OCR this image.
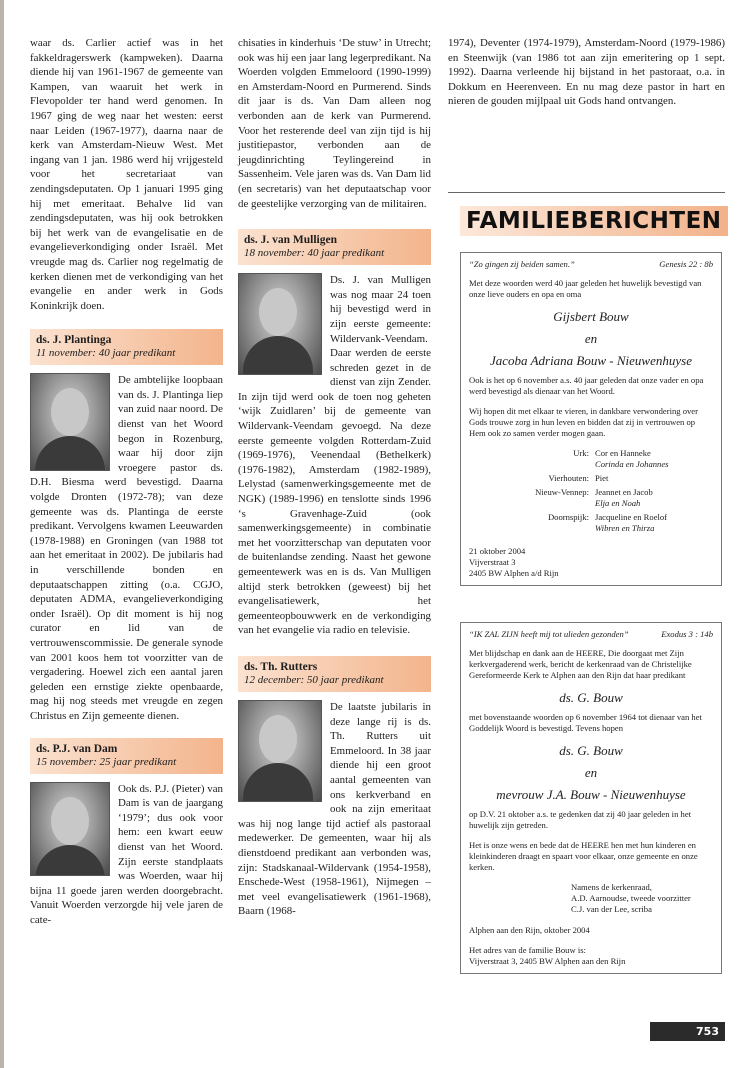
waar ds. Carlier actief was in het fakkeldragerswerk (kampweken). Daarna diende hij van 1961-1967 de gemeente van Kampen, van waaruit het werk in Flevopolder ter hand werd genomen. In 1967 ging de weg naar het westen: eerst naar Leiden (1967-1977), daarna naar de kerk van Amsterdam-Nieuw West. Met ingang van 1 jan. 1986 werd hij vrijgesteld voor het secretariaat van zendingsdeputaten. Op 1 januari 1995 ging hij met emeritaat. Behalve lid van zendingsdeputaten, was hij ook betrokken bij het werk van de evangelisatie en de evangelieverkondiging onder Israël. Met vreugde mag ds. Carlier nog regelmatig de kerken dienen met de verkondiging van het evangelie en ander werk in Gods Koninkrijk doen.

ds. J. Plantinga
11 november: 40 jaar predikant

De ambtelijke loopbaan van ds. J. Plantinga liep van zuid naar noord. De dienst van het Woord begon in Rozenburg, waar hij door zijn vroegere pastor ds. D.H. Biesma werd bevestigd. Daarna volgde Dronten (1972-78); van deze gemeente was ds. Plantinga de eerste predikant. Vervolgens kwamen Leeuwarden (1978-1988) en Groningen (van 1988 tot aan het emeritaat in 2002). De jubilaris had in verschillende bonden en deputaatschappen zitting (o.a. CGJO, deputaten ADMA, evangelieverkondiging onder Israël). Op dit moment is hij nog curator en lid van de vertrouwenscommissie. De generale synode van 2001 koos hem tot voorzitter van de vergadering. Hoewel zich een aantal jaren geleden een ernstige ziekte openbaarde, mag hij nog steeds met vreugde en zegen Christus en Zijn gemeente dienen.

ds. P.J. van Dam
15 november: 25 jaar predikant

Ook ds. P.J. (Pieter) van Dam is van de jaargang ‘1979’; dus ook voor hem: een kwart eeuw dienst van het Woord. Zijn eerste standplaats was Woerden, waar hij bijna 11 goede jaren werden doorgebracht. Vanuit Woerden verzorgde hij vele jaren de cate-

chisaties in kinderhuis ‘De stuw’ in Utrecht; ook was hij een jaar lang legerpredikant. Na Woerden volgden Emmeloord (1990-1999) en Amsterdam-Noord en Purmerend. Sinds dit jaar is ds. Van Dam alleen nog verbonden aan de kerk van Purmerend. Voor het resterende deel van zijn tijd is hij justitiepastor, verbonden aan de jeugdinrichting Teylingereind in Sassenheim. Vele jaren was ds. Van Dam lid (en secretaris) van het deputaatschap voor de geestelijke verzorging van de militairen.

ds. J. van Mulligen
18 november: 40 jaar predikant

Ds. J. van Mulligen was nog maar 24 toen hij bevestigd werd in zijn eerste gemeente: Wildervank-Veendam. Daar werden de eerste schreden gezet in de dienst van zijn Zender. In zijn tijd werd ook de toen nog geheten ‘wijk Zuidlaren’ bij de gemeente van Wildervank-Veendam gevoegd. Na deze eerste gemeente volgden Rotterdam-Zuid (1969-1976), Veenendaal (Bethelkerk) (1976-1982), Amsterdam (1982-1989), Lelystad (samenwerkingsgemeente met de NGK) (1989-1996) en tenslotte sinds 1996 ‘s Gravenhage-Zuid (ook samenwerkingsgemeente) in combinatie met het voorzitterschap van deputaten voor de buitenlandse zending. Naast het gewone gemeentewerk was en is ds. Van Mulligen altijd sterk betrokken (geweest) bij het evangelisatiewerk, het gemeenteopbouwwerk en de verkondiging van het evangelie via radio en televisie.

ds. Th. Rutters
12 december: 50 jaar predikant

De laatste jubilaris in deze lange rij is ds. Th. Rutters uit Emmeloord. In 38 jaar diende hij een groot aantal gemeenten van ons kerkverband en ook na zijn emeritaat was hij nog lange tijd actief als pastoraal medewerker. De gemeenten, waar hij als dienstdoend predikant aan verbonden was, zijn: Stadskanaal-Wildervank (1954-1958), Enschede-West (1958-1961), Nijmegen – met veel evangelisatiewerk (1961-1968), Baarn (1968-

1974), Deventer (1974-1979), Amsterdam-Noord (1979-1986) en Steenwijk (van 1986 tot aan zijn emeritering op 1 sept. 1992). Daarna verleende hij bijstand in het pastoraat, o.a. in Dokkum en Heerenveen. En nu mag deze pastor in hart en nieren de gouden mijlpaal uit Gods hand ontvangen.

FAMILIEBERICHTEN
“Zo gingen zij beiden samen.”	Genesis 22 : 8b

Met deze woorden werd 40 jaar geleden het huwelijk bevestigd van onze lieve ouders en opa en oma

Gijsbert Bouw
en
Jacoba Adriana Bouw - Nieuwenhuyse

Ook is het op 6 november a.s. 40 jaar geleden dat onze vader en opa werd bevestigd als dienaar van het Woord.

Wij hopen dit met elkaar te vieren, in dankbare verwondering over Gods trouwe zorg in hun leven en bidden dat zij in vertrouwen op Hem ook zo samen verder mogen gaan.

Urk: Cor en Hanneke
Corinda en Johannes
Vierhouten: Piet
Nieuw-Vennep: Jeannet en Jacob
Elja en Noah
Doornspijk: Jacqueline en Roelof
Wibren en Thirza
21 oktober 2004
Vijverstraat 3
2405 BW Alphen a/d Rijn
“IK ZAL ZIJN heeft mij tot ulieden gezonden”	Exodus 3 : 14b

Met blijdschap en dank aan de HEERE, Die doorgaat met Zijn kerkvergaderend werk, bericht de kerkenraad van de Christelijke Gereformeerde Kerk te Alphen aan den Rijn dat haar predikant

ds. G. Bouw

met bovenstaande woorden op 6 november 1964 tot dienaar van het Goddelijk Woord is bevestigd. Tevens hopen

ds. G. Bouw
en
mevrouw J.A. Bouw - Nieuwenhuyse

op D.V. 21 oktober a.s. te gedenken dat zij 40 jaar geleden in het huwelijk zijn getreden.

Het is onze wens en bede dat de HEERE hen met hun kinderen en kleinkinderen draagt en spaart voor elkaar, onze gemeente en onze kerken.

Namens de kerkenraad,
A.D. Aarnoudse, tweede voorzitter
C.J. van der Lee, scriba

Alphen aan den Rijn, oktober 2004

Het adres van de familie Bouw is:
Vijverstraat 3, 2405 BW Alphen aan den Rijn
753
